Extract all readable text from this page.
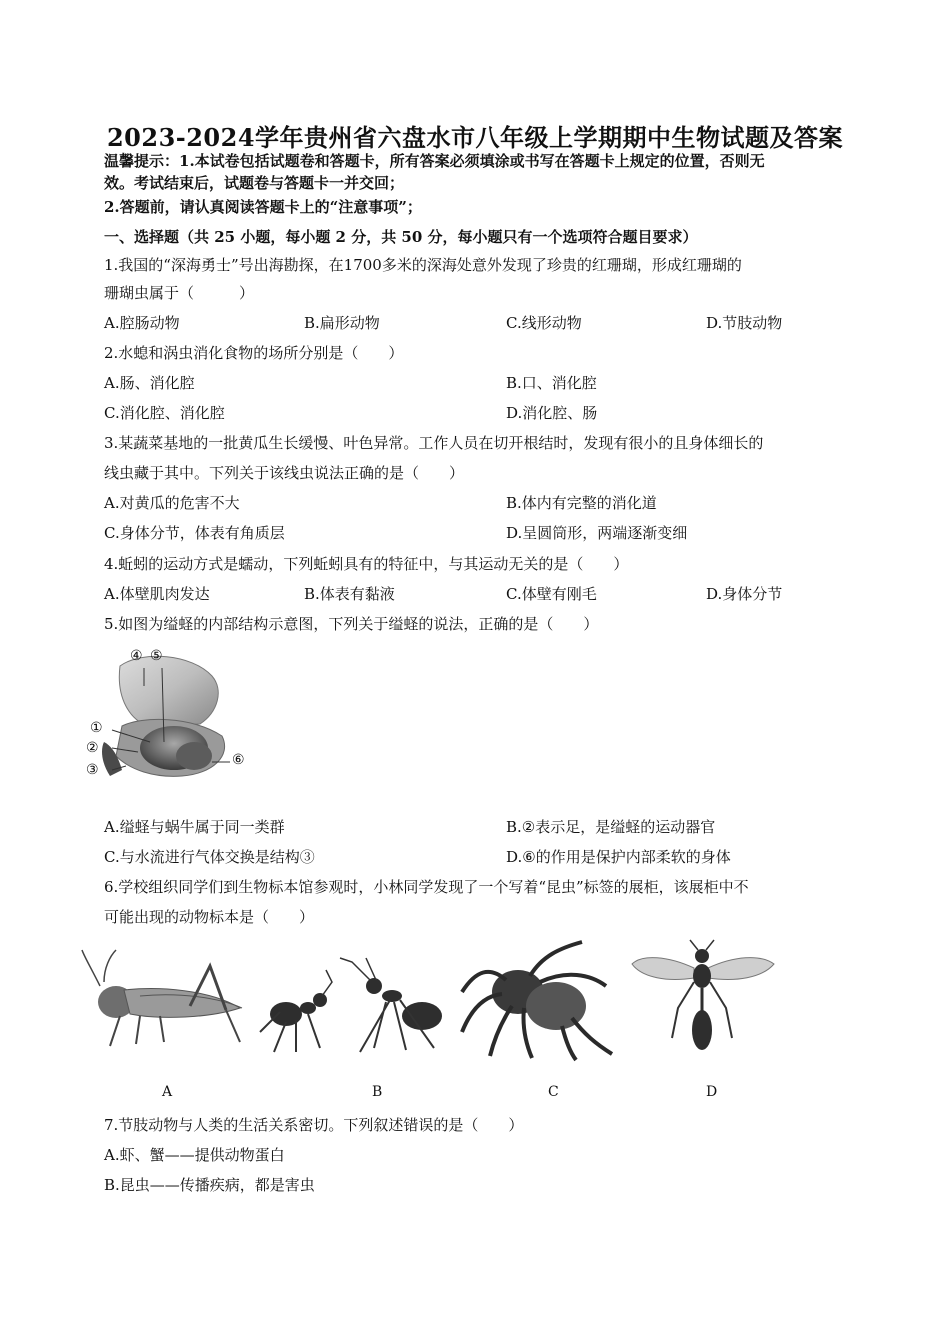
2023-2024学年贵州省六盘水市八年级上学期期中生物试题及答案
温馨提示：1.本试卷包括试题卷和答题卡，所有答案必须填涂或书写在答题卡上规定的位置，否则无
效。考试结束后，试题卷与答题卡一并交回；
2.答题前，请认真阅读答题卡上的“注意事项”；
一、选择题（共 25 小题，每小题 2 分，共 50 分，每小题只有一个选项符合题目要求）
1.我国的“深海勇士”号出海勘探，在1700多米的深海处意外发现了珍贵的红珊瑚，形成红珊瑚的
珊瑚虫属于（　　　）
A.腔肠动物	B.扁形动物	C.线形动物	D.节肢动物
2.水螅和涡虫消化食物的场所分别是（　　）
A.肠、消化腔	B.口、消化腔
C.消化腔、消化腔	D.消化腔、肠
3.某蔬菜基地的一批黄瓜生长缓慢、叶色异常。工作人员在切开根结时，发现有很小的且身体细长的
线虫藏于其中。下列关于该线虫说法正确的是（　　）
A.对黄瓜的危害不大	B.体内有完整的消化道
C.身体分节，体表有角质层	D.呈圆筒形，两端逐渐变细
4.蚯蚓的运动方式是蠕动，下列蚯蚓具有的特征中，与其运动无关的是（　　）
A.体壁肌肉发达	B.体表有黏液	C.体壁有刚毛	D.身体分节
5.如图为缢蛏的内部结构示意图，下列关于缢蛏的说法，正确的是（　　）
④ ⑤
①
②
③
⑥
A.缢蛏与蜗牛属于同一类群	B.②表示足，是缢蛏的运动器官
C.与水流进行气体交换是结构③	D.⑥的作用是保护内部柔软的身体
6.学校组织同学们到生物标本馆参观时，小林同学发现了一个写着“昆虫”标签的展柜，该展柜中不
可能出现的动物标本是（　　）
A	B	C	D
7.节肢动物与人类的生活关系密切。下列叙述错误的是（　　）
A.虾、蟹——提供动物蛋白
B.昆虫——传播疾病，都是害虫
